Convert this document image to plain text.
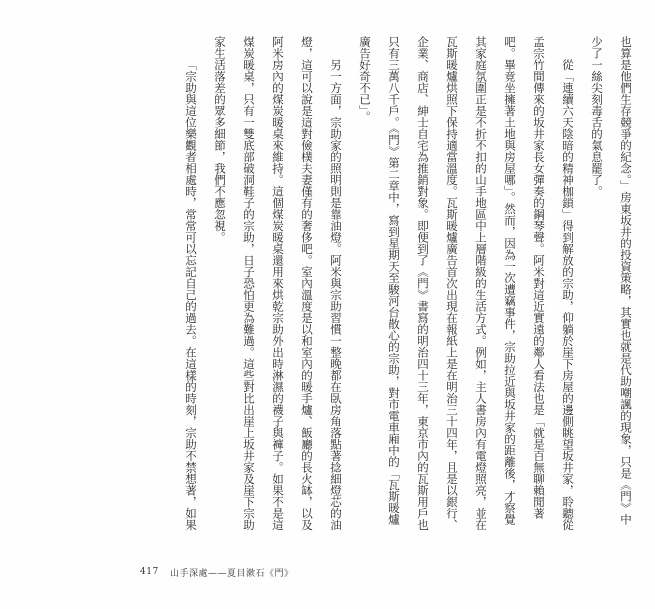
也算是他們生存競爭的紀念。」房東坂井的投資策略，其實也就是代助嘲諷的現象，只是《門》中
少了一絲尖刻毒舌的氣息罷了。
從「連續六天陰暗的精神枷鎖」得到解放的宗助，仰躺於崖下房屋的邊側眺望坂井家，聆聽從
孟宗竹間傳來的坂井家長女彈奏的鋼琴聲。阿米對這近實遠的鄰人看法也是「就是百無聊賴閒著
吧。畢竟坐擁著土地與房屋哪」。然而，因為一次遭竊事件，宗助拉近與坂井家的距離後，才察覺
其家庭氛圍正是不折不扣的山手地區中上層階級的生活方式。例如，主人書房內有電燈照亮，並在
瓦斯暖爐烘照下保持適當溫度。瓦斯暖爐廣告首次出現在報紙上是在明治三十四年，且是以銀行、
企業、商店、紳士自宅為推銷對象。即便到了《門》書寫的明治四十三年，東京市內的瓦斯用戶也
只有三萬八千戶。《門》第二章中，寫到星期天至駿河台散心的宗助，對市電車廂中的「瓦斯暖爐
廣告好奇不已」。
另一方面，宗助家的照明則是靠油燈。阿米與宗助習慣一整晚都在臥房角落點著捻細燈芯的油
燈，這可以說是這對儉樸夫妻僅有的奢侈吧。室內溫度是以和室內的暖手爐、飯廳的長火缽，以及
阿米房內的煤炭暖桌來維持。這個煤炭暖桌還用來烘乾宗助外出時淋濕的襪子與褲子。如果不是這
煤炭暖桌，只有一雙底部破洞鞋子的宗助，日子恐怕更為難過。這些對比出崖上坂井家及崖下宗助
家生活落差的眾多細節，我們不應忽視。
「宗助與這位樂觀者相處時，常常可以忘記自己的過去。在這樣的時刻，宗助不禁想著，如果
417	山手深處——夏目漱石《門》
